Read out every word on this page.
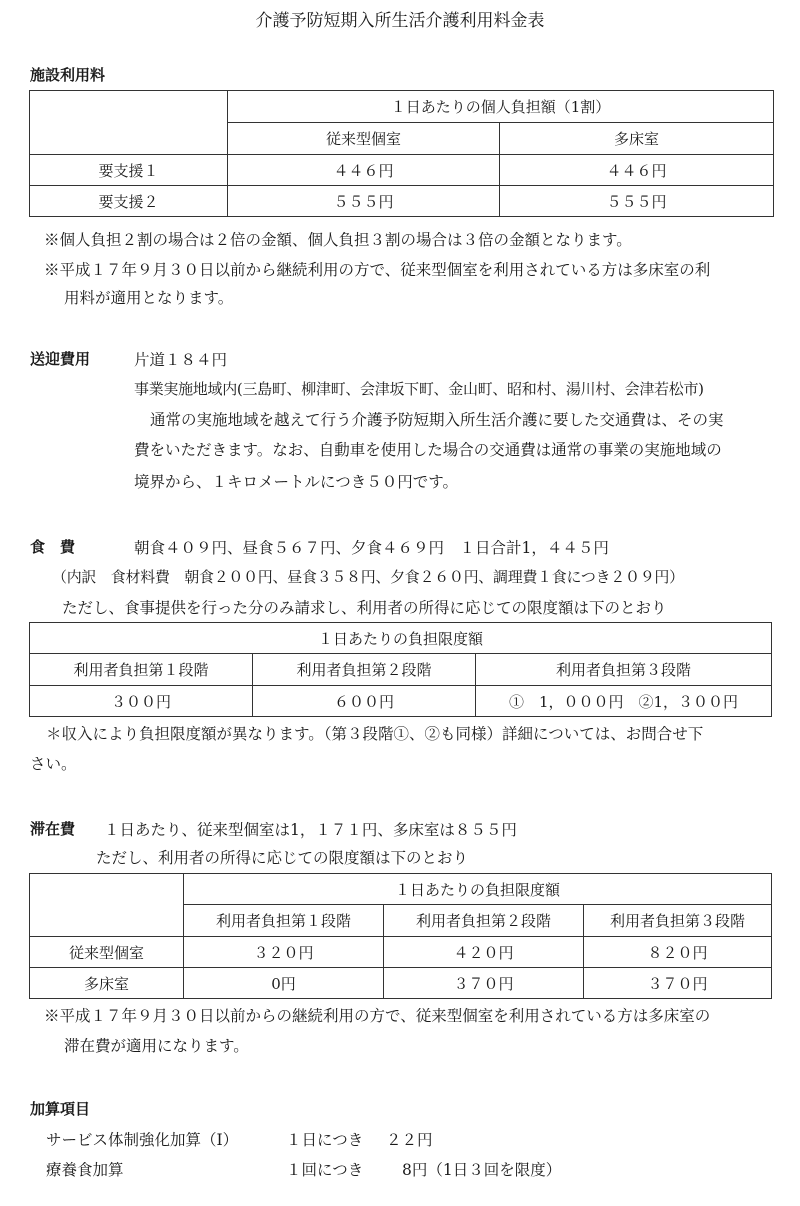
介護予防短期入所生活介護利用料金表
施設利用料
	１日あたりの個人負担額（1割）	
	従来型個室	多床室
要支援１	４４６円	４４６円
要支援２	５５５円	５５５円
※個人負担２割の場合は２倍の金額、個人負担３割の場合は３倍の金額となります。
※平成１７年９月３０日以前から継続利用の方で、従来型個室を利用されている方は多床室の利
用料が適用となります。
送迎費用	片道１８４円
事業実施地域内(三島町、柳津町、会津坂下町、金山町、昭和村、湯川村、会津若松市)
通常の実施地域を越えて行う介護予防短期入所生活介護に要した交通費は、その実
費をいただきます。なお、自動車を使用した場合の交通費は通常の事業の実施地域の
境界から、１キロメートルにつき５０円です。
食　費	朝食４０９円、昼食５６７円、夕食４６９円　１日合計1，４４５円
（内訳　食材料費　朝食２００円、昼食３５８円、夕食２６０円、調理費１食につき２０９円）
ただし、食事提供を行った分のみ請求し、利用者の所得に応じての限度額は下のとおり
１日あたりの負担限度額		
利用者負担第１段階	利用者負担第２段階	利用者負担第３段階
３００円	６００円	①　1，０００円　②1，３００円
＊収入により負担限度額が異なります。（第３段階①、②も同様）詳細については、お問合せ下
さい。
滞在費 １日あたり、従来型個室は1，１７１円、多床室は８５５円
ただし、利用者の所得に応じての限度額は下のとおり
	１日あたりの負担限度額		
	利用者負担第１段階	利用者負担第２段階	利用者負担第３段階
従来型個室	３２０円	４２０円	８２０円
多床室	0円	３７０円	３７０円
※平成１７年９月３０日以前からの継続利用の方で、従来型個室を利用されている方は多床室の
滞在費が適用になります。
加算項目
サービス体制強化加算（Ⅰ）	１日につき ２２円
療養食加算	１回につき	8円（1日３回を限度）
